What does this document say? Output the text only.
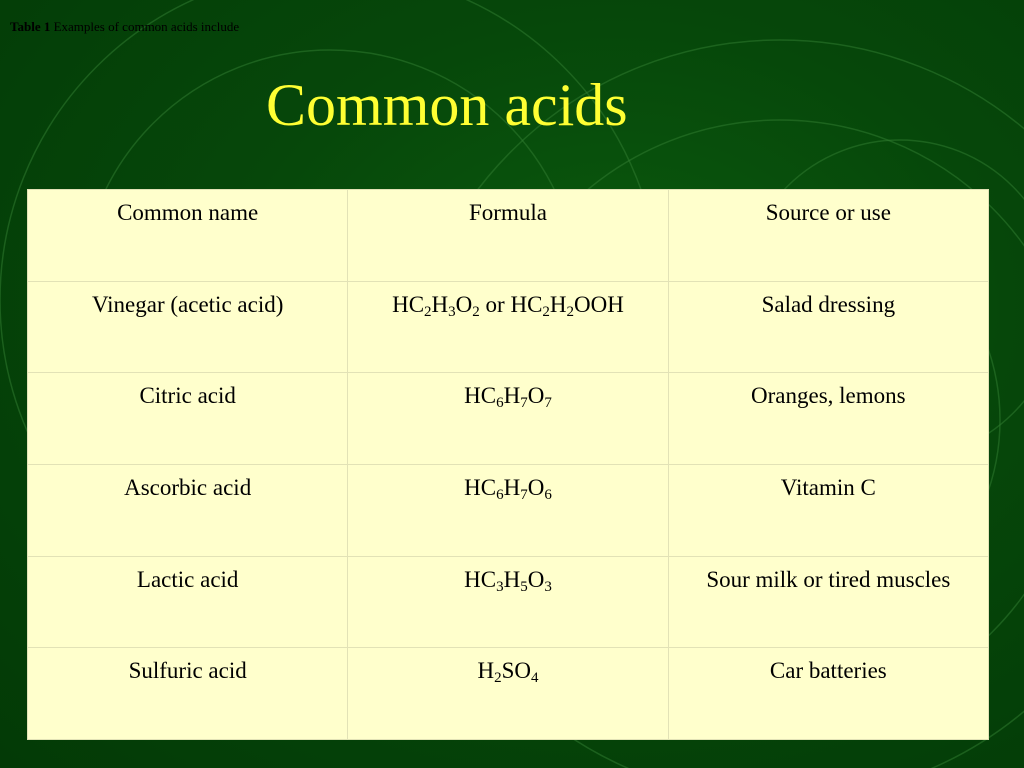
Table 1 Examples of common acids include
Common acids
Common name	Formula	Source or use
Vinegar (acetic acid)	$HC_2H_3O_2$ or $HC_2H_2OOH$	Salad dressing
Citric acid	$HC_6H_7O_7$	Oranges, lemons
Ascorbic acid	$HC_6H_7O_6$	Vitamin C
Lactic acid	$HC_3H_5O_3$	Sour milk or tired muscles
Sulfuric acid	$H_2SO_4$	Car batteries
